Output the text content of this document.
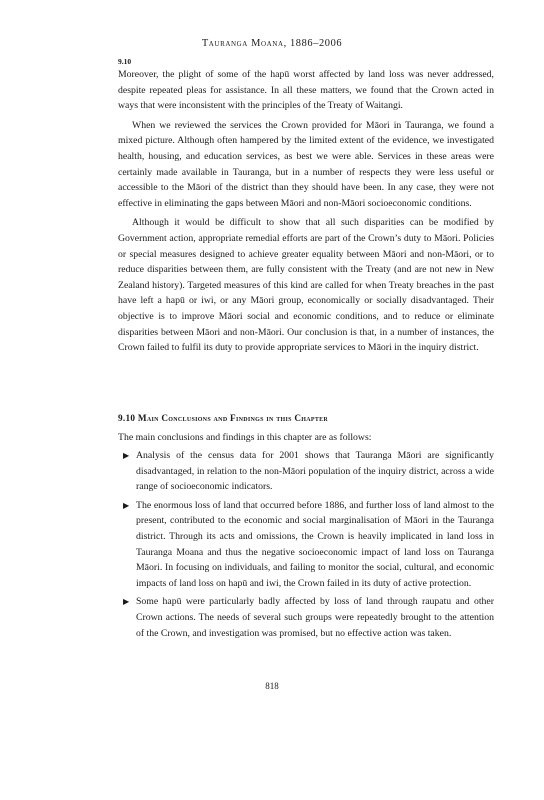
Tauranga Moana, 1886–2006
9.10

Moreover, the plight of some of the hapū worst affected by land loss was never addressed, despite repeated pleas for assistance. In all these matters, we found that the Crown acted in ways that were inconsistent with the principles of the Treaty of Waitangi.

When we reviewed the services the Crown provided for Māori in Tauranga, we found a mixed picture. Although often hampered by the limited extent of the evidence, we investigated health, housing, and education services, as best we were able. Services in these areas were certainly made available in Tauranga, but in a number of respects they were less useful or accessible to the Māori of the district than they should have been. In any case, they were not effective in eliminating the gaps between Māori and non-Māori socioeconomic conditions.

Although it would be difficult to show that all such disparities can be modified by Government action, appropriate remedial efforts are part of the Crown’s duty to Māori. Policies or special measures designed to achieve greater equality between Māori and non-Māori, or to reduce disparities between them, are fully consistent with the Treaty (and are not new in New Zealand history). Targeted measures of this kind are called for when Treaty breaches in the past have left a hapū or iwi, or any Māori group, economically or socially disadvantaged. Their objective is to improve Māori social and economic conditions, and to reduce or eliminate disparities between Māori and non-Māori. Our conclusion is that, in a number of instances, the Crown failed to fulfil its duty to provide appropriate services to Māori in the inquiry district.

9.10 Main Conclusions and Findings in this Chapter
The main conclusions and findings in this chapter are as follows:
▶ Analysis of the census data for 2001 shows that Tauranga Māori are significantly disadvantaged, in relation to the non-Māori population of the inquiry district, across a wide range of socioeconomic indicators.
▶ The enormous loss of land that occurred before 1886, and further loss of land almost to the present, contributed to the economic and social marginalisation of Māori in the Tauranga district. Through its acts and omissions, the Crown is heavily implicated in land loss in Tauranga Moana and thus the negative socioeconomic impact of land loss on Tauranga Māori. In focusing on individuals, and failing to monitor the social, cultural, and economic impacts of land loss on hapū and iwi, the Crown failed in its duty of active protection.
▶ Some hapū were particularly badly affected by loss of land through raupatu and other Crown actions. The needs of several such groups were repeatedly brought to the attention of the Crown, and investigation was promised, but no effective action was taken.
818
